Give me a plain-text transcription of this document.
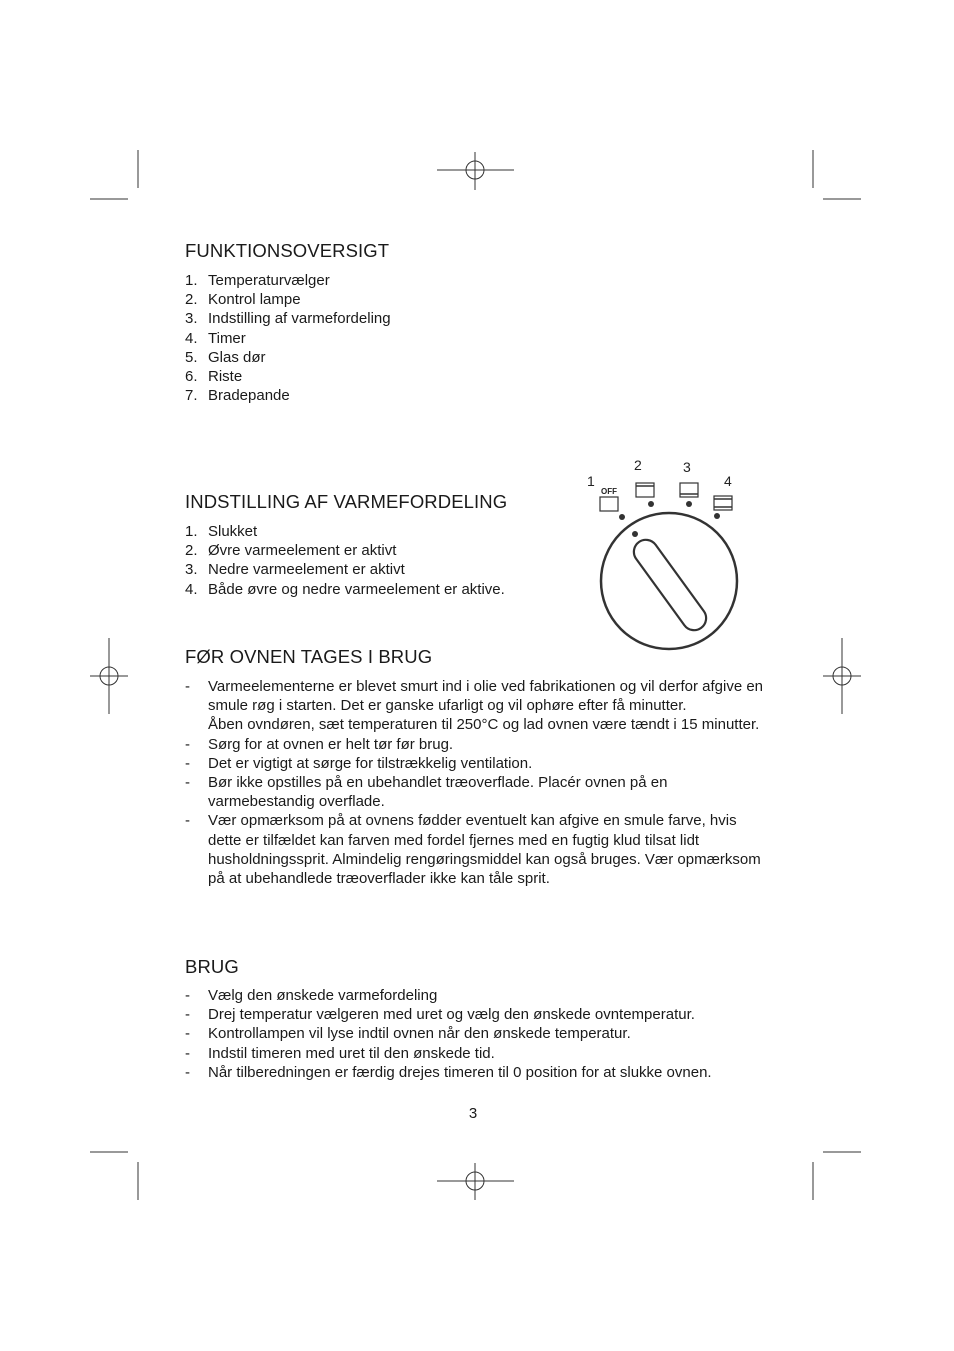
FUNKTIONSOVERSIGT
1. Temperaturvælger
2. Kontrol lampe
3. Indstilling af varmefordeling
4. Timer
5. Glas dør
6. Riste
7. Bradepande
1
2	3
4
OFF
INDSTILLING AF VARMEFORDELING
1. Slukket
2. Øvre varmeelement er aktivt
3. Nedre varmeelement er aktivt
4. Både øvre og nedre varmeelement er aktive.
FØR OVNEN TAGES I BRUG
- Varmeelementerne er blevet smurt ind i olie ved fabrikationen og vil derfor afgive en smule røg i starten. Det er ganske ufarligt og vil ophøre efter få minutter.
Åben ovndøren, sæt temperaturen til 250°C og lad ovnen være tændt i 15 minutter.
- Sørg for at ovnen er helt tør før brug.
- Det er vigtigt at sørge for tilstrækkelig ventilation.
- Bør ikke opstilles på en ubehandlet træoverflade. Placér ovnen på en varmebestandig overflade.
- Vær opmærksom på at ovnens fødder eventuelt kan afgive en smule farve, hvis dette er tilfældet kan farven med fordel fjernes med en fugtig klud tilsat lidt husholdningssprit. Almindelig rengøringsmiddel kan også bruges. Vær opmærksom på at ubehandlede træoverflader ikke kan tåle sprit.
BRUG
- Vælg den ønskede varmefordeling
- Drej temperatur vælgeren med uret og vælg den ønskede ovntemperatur.
- Kontrollampen vil lyse indtil ovnen når den ønskede temperatur.
- Indstil timeren med uret til den ønskede tid.
- Når tilberedningen er færdig drejes timeren til 0 position for at slukke ovnen.
3
